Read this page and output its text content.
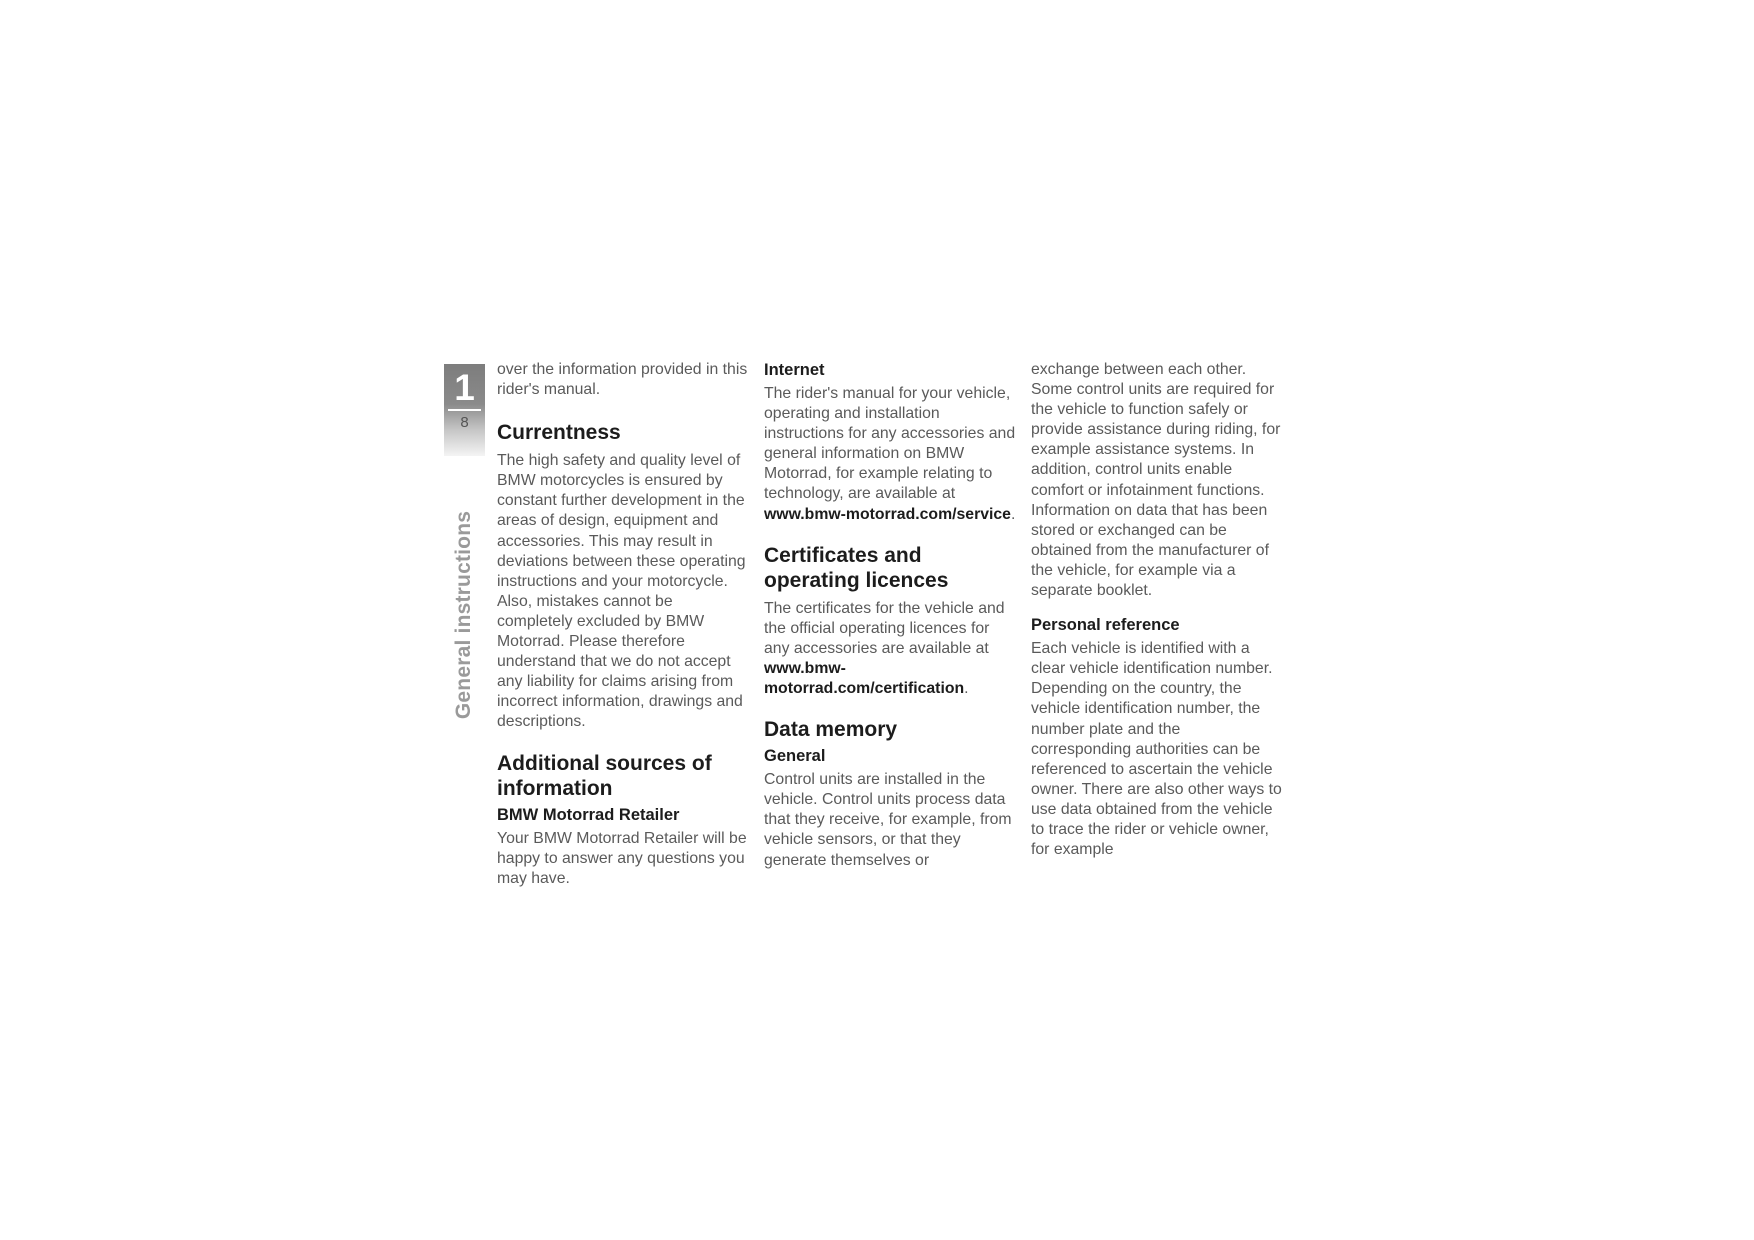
1
8
General instructions

over the information provided in this rider's manual.

Currentness

The high safety and quality level of BMW motorcycles is ensured by constant further development in the areas of design, equipment and accessories. This may result in deviations between these operating instructions and your motorcycle. Also, mistakes cannot be completely excluded by BMW Motorrad. Please therefore understand that we do not accept any liability for claims arising from incorrect information, drawings and descriptions.

Additional sources of information
BMW Motorrad Retailer

Your BMW Motorrad Retailer will be happy to answer any questions you may have.

Internet

The rider's manual for your vehicle, operating and installation instructions for any accessories and general information on BMW Motorrad, for example relating to technology, are available at www.bmw-motorrad.com/service.

Certificates and operating licences

The certificates for the vehicle and the official operating licences for any accessories are available at www.bmw-motorrad.com/certification.

Data memory
General

Control units are installed in the vehicle. Control units process data that they receive, for example, from vehicle sensors, or that they generate themselves or

exchange between each other. Some control units are required for the vehicle to function safely or provide assistance during riding, for example assistance systems. In addition, control units enable comfort or infotainment functions.

Information on data that has been stored or exchanged can be obtained from the manufacturer of the vehicle, for example via a separate booklet.

Personal reference

Each vehicle is identified with a clear vehicle identification number. Depending on the country, the vehicle identification number, the number plate and the corresponding authorities can be referenced to ascertain the vehicle owner. There are also other ways to use data obtained from the vehicle to trace the rider or vehicle owner, for example
